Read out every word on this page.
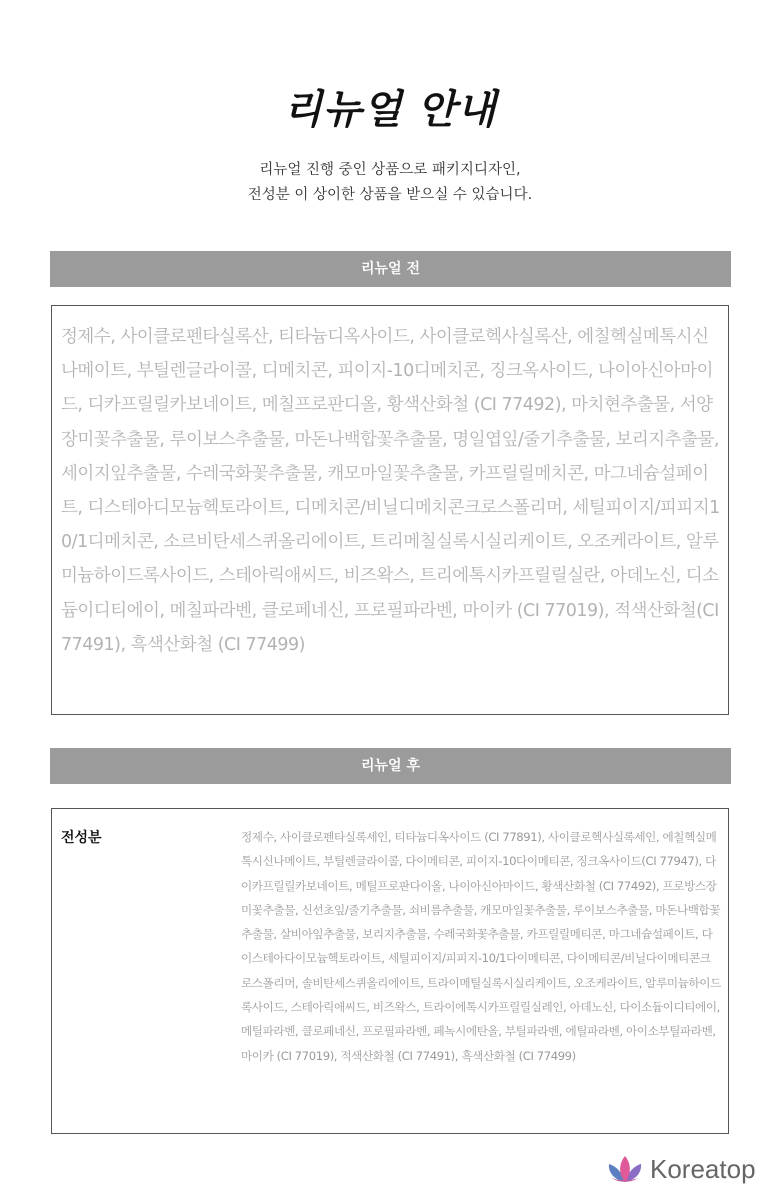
리뉴얼 안내
리뉴얼 진행 중인 상품으로 패키지디자인,
전성분 이 상이한 상품을 받으실 수 있습니다.
리뉴얼 전
정제수, 사이클로펜타실록산, 티타늄디옥사이드, 사이클로헥사실록산, 에칠헥실메톡시신나메이트, 부틸렌글라이콜, 디메치콘, 피이지-10디메치콘, 징크옥사이드, 나이아신아마이드, 디카프릴릴카보네이트, 메칠프로판디올, 황색산화철 (CI 77492), 마치현추출물, 서양장미꽃추출물, 루이보스추출물, 마돈나백합꽃추출물, 명일엽잎/줄기추출물, 보리지추출물, 세이지잎추출물, 수레국화꽃추출물, 캐모마일꽃추출물, 카프릴릴메치콘, 마그네슘설페이트, 디스테아디모늄헥토라이트, 디메치콘/비닐디메치콘크로스폴리머, 세틸피이지/피피지10/1디메치콘, 소르비탄세스퀴올리에이트, 트리메칠실록시실리케이트, 오조케라이트, 알루미늄하이드록사이드, 스테아릭애씨드, 비즈왁스, 트리에톡시카프릴릴실란, 아데노신, 디소듐이디티에이, 메칠파라벤, 클로페네신, 프로필파라벤, 마이카 (CI 77019), 적색산화철(CI77491), 흑색산화철 (CI 77499)
리뉴얼 후
전성분	정제수, 사이클로펜타실록세인, 티타늄디옥사이드 (CI 77891), 사이클로헥사실록세인, 에칠헥실메톡시신나메이트, 부틸렌글라이콜, 다이메티콘, 피이지-10다이메티콘, 징크옥사이드(CI 77947), 다이카프릴릴카보네이트, 메틸프로판다이올, 나이아신아마이드, 황색산화철 (CI 77492), 프로방스장미꽃추출물, 신선초잎/줄기추출물, 쇠비름추출물, 캐모마일꽃추출물, 루이보스추출물, 마돈나백합꽃추출물, 살비아잎추출물, 보리지추출물, 수레국화꽃추출물, 카프릴릴메티콘, 마그네슘설페이트, 다이스테아다이모늄헥토라이트, 세틸피이지/피피지-10/1다이메티콘, 다이메티콘/비닐다이메티콘크로스폴리머, 솔비탄세스퀴올리에이트, 트라이메틸실록시실리케이트, 오조케라이트, 알루미늄하이드록사이드, 스테아릭애씨드, 비즈왁스, 트라이에톡시카프릴릴실레인, 아데노신, 다이소듐이디티에이, 메틸파라벤, 클로페네신, 프로필파라벤, 페녹시에탄올, 부틸파라벤, 에틸파라벤, 아이소부틸파라벤, 마이카 (CI 77019), 적색산화철 (CI 77491), 흑색산화철 (CI 77499)
Koreatop
